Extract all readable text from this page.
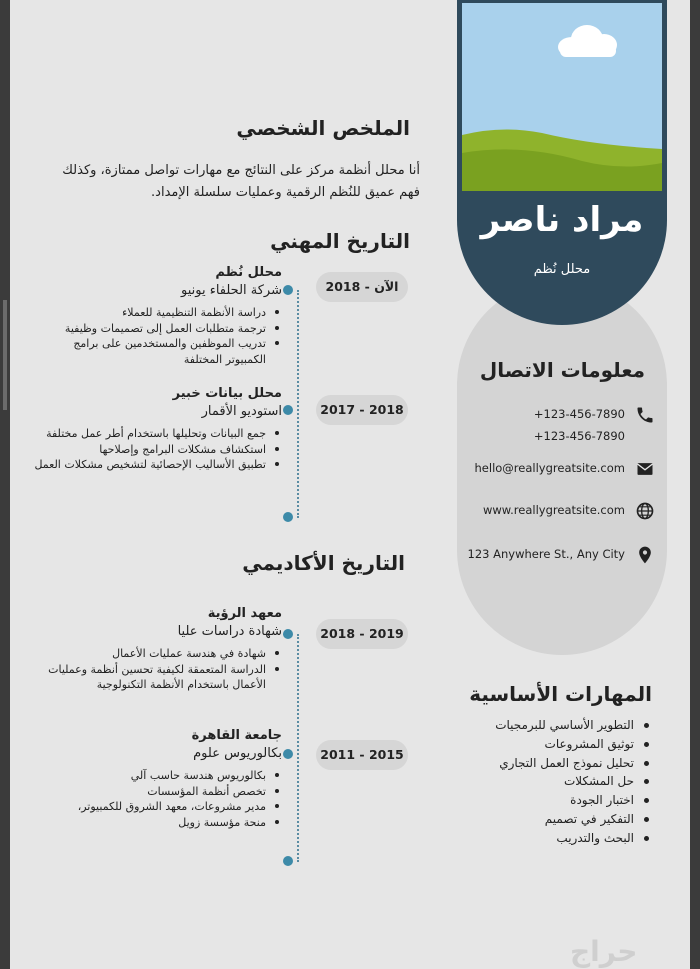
مراد ناصر
محلل نُظم
معلومات الاتصال
+123-456-7890
+123-456-7890
hello@reallygreatsite.com
www.reallygreatsite.com
123 Anywhere St., Any City
المهارات الأساسية
التطوير الأساسي للبرمجيات
توثيق المشروعات
تحليل نموذج العمل التجاري
حل المشكلات
اختبار الجودة
التفكير في تصميم
البحث والتدريب
الملخص الشخصي
أنا محلل أنظمة مركز على النتائج مع مهارات تواصل ممتازة، وكذلك فهم عميق للنُظم الرقمية وعمليات سلسلة الإمداد.
التاريخ المهني
الآن - 2018
2018 - 2017
محلل نُظم
شركة الحلفاء يونيو
دراسة الأنظمة التنظيمية للعملاء
ترجمة متطلبات العمل إلى تصميمات وظيفية
تدريب الموظفين والمستخدمين على برامج الكمبيوتر المختلفة
محلل بيانات خبير
استوديو الأقمار
جمع البيانات وتحليلها باستخدام أطر عمل مختلفة
استكشاف مشكلات البرامج وإصلاحها
تطبيق الأساليب الإحصائية لتشخيص مشكلات العمل
التاريخ الأكاديمي
2019 - 2018
2015 - 2011
معهد الرؤية
شهادة دراسات عليا
شهادة في هندسة عمليات الأعمال
الدراسة المتعمقة لكيفية تحسين أنظمة وعمليات الأعمال باستخدام الأنظمة التكنولوجية
جامعة القاهرة
بكالوريوس علوم
بكالوريوس هندسة حاسب آلي
تخصص أنظمة المؤسسات
مدير مشروعات، معهد الشروق للكمبيوتر،
منحة مؤسسة زويل
حراج
